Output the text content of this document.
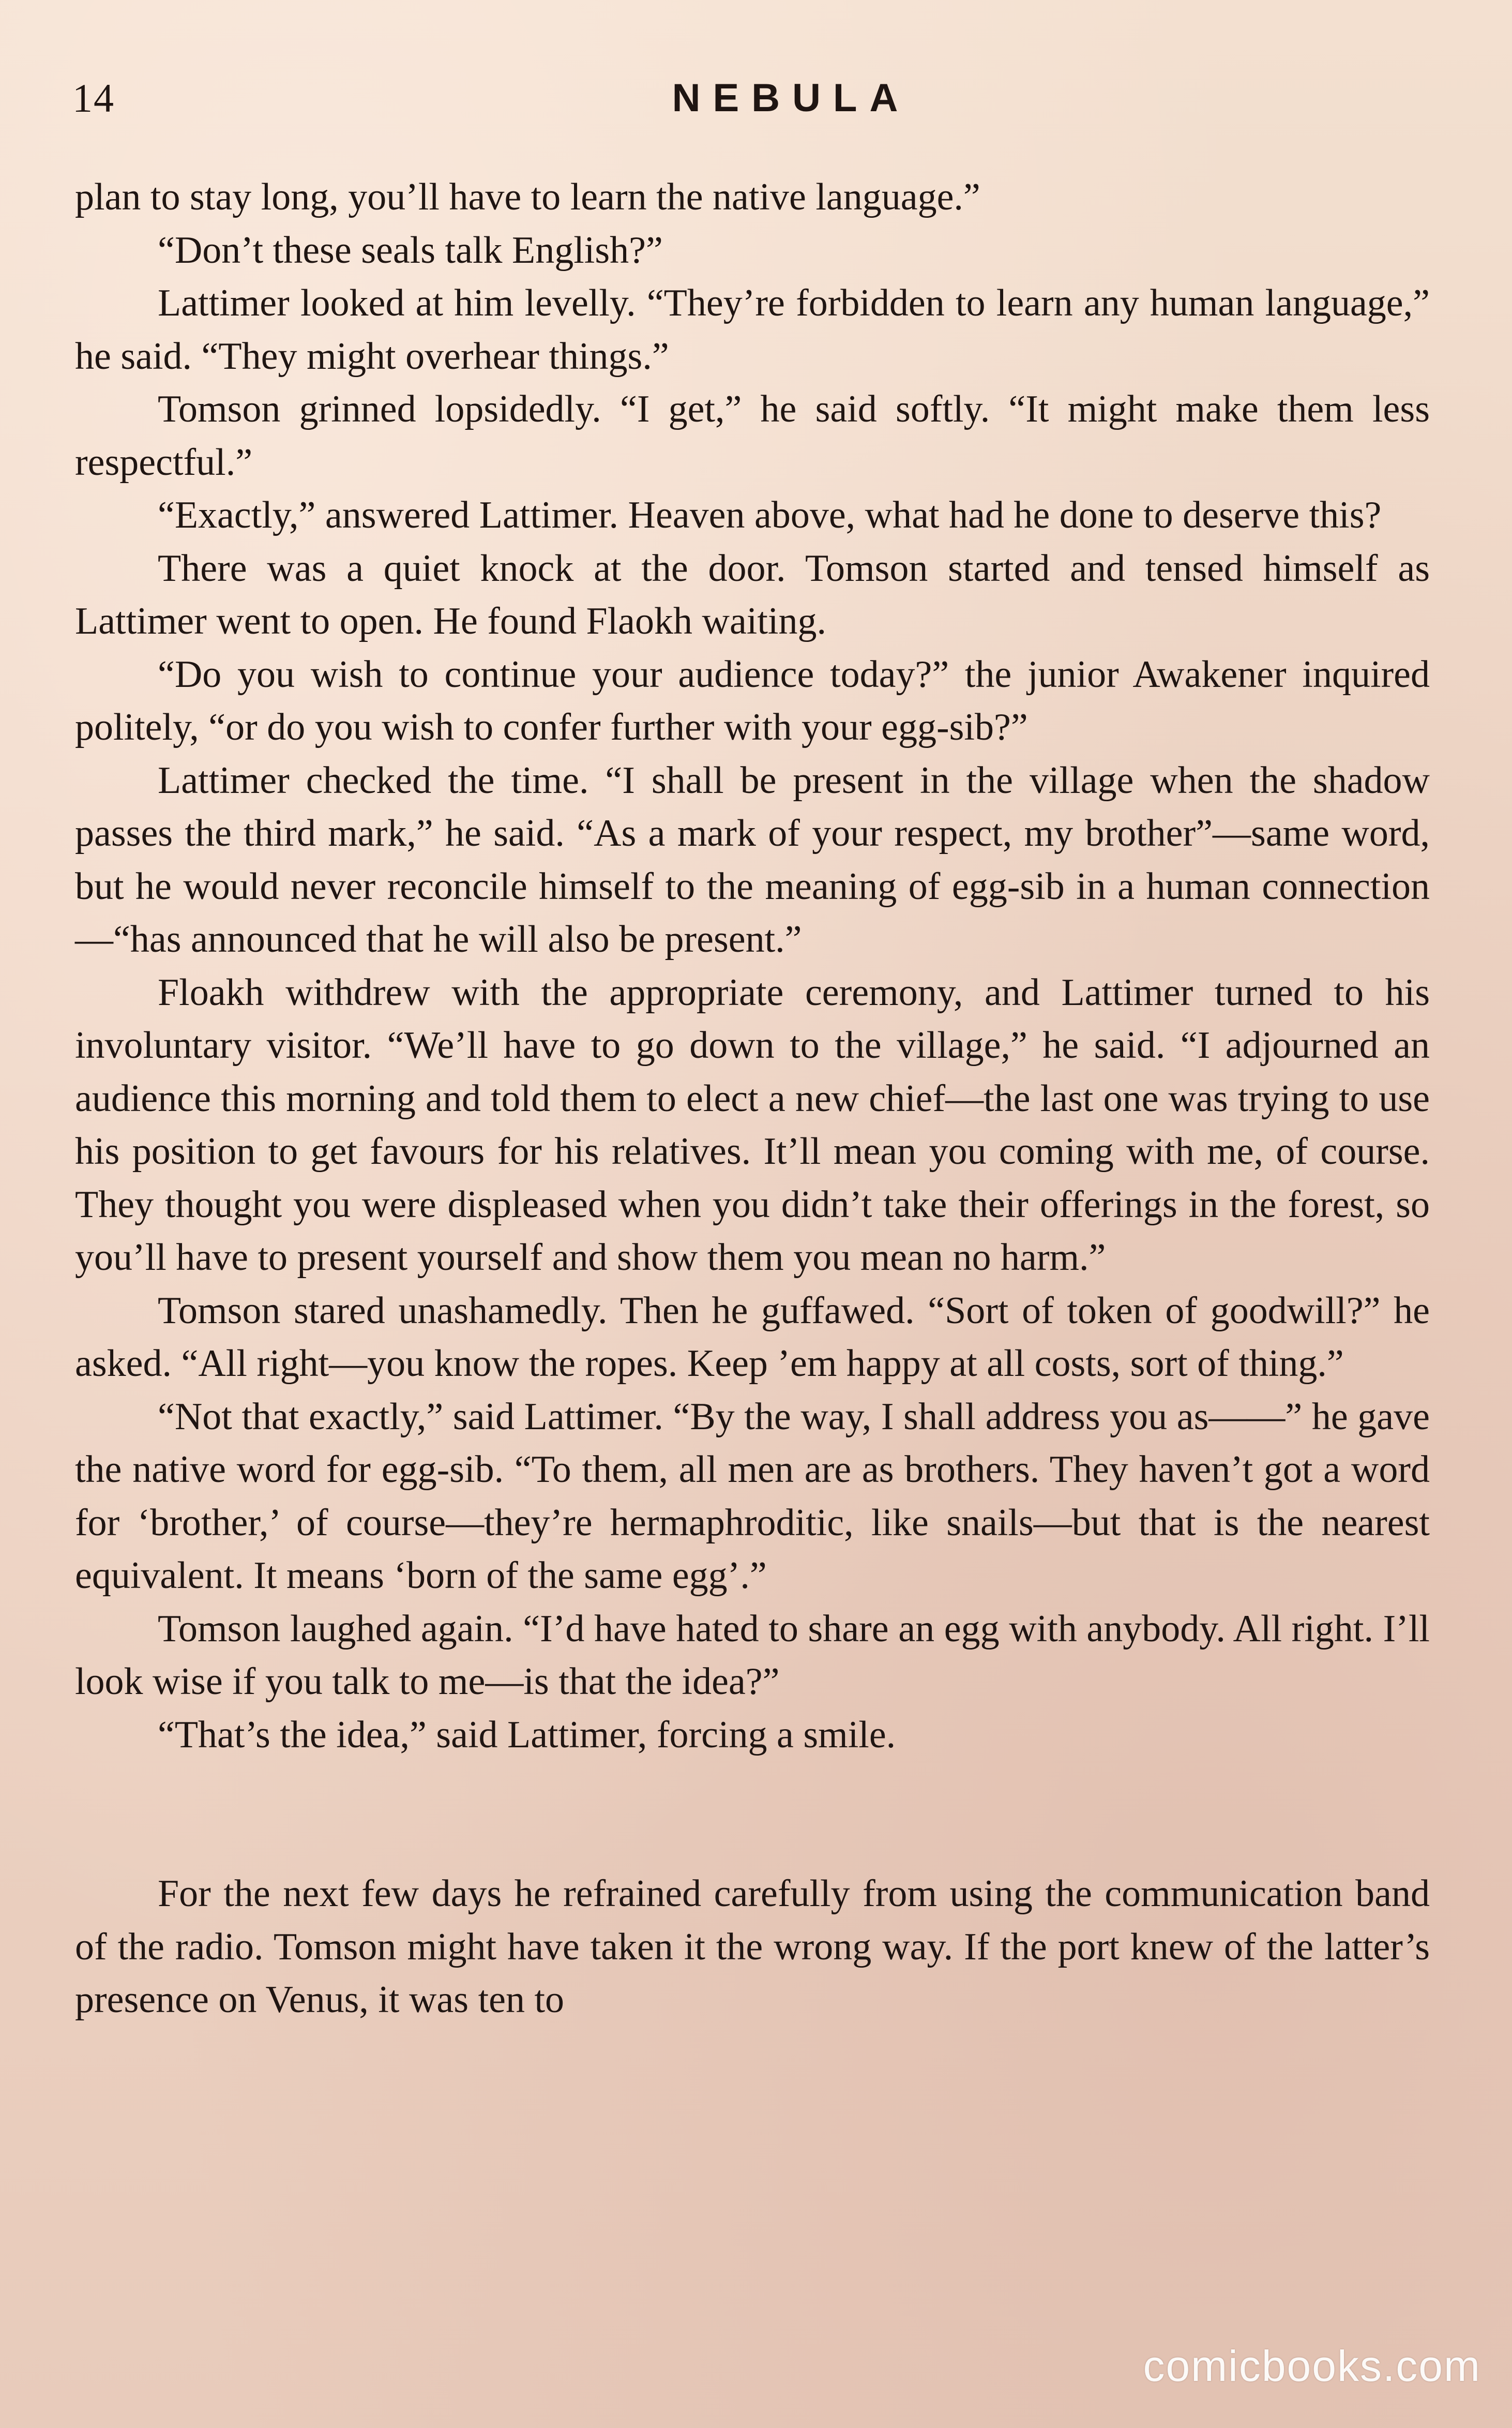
14	NEBULA

plan to stay long, you’ll have to learn the native language.”

“Don’t these seals talk English?”

Lattimer looked at him levelly. “They’re forbidden to learn any human language,” he said. “They might overhear things.”

Tomson grinned lopsidedly. “I get,” he said softly. “It might make them less respectful.”

“Exactly,” answered Lattimer. Heaven above, what had he done to deserve this?

There was a quiet knock at the door. Tomson started and tensed himself as Lattimer went to open. He found Flaokh waiting.

“Do you wish to continue your audience today?” the junior Awakener inquired politely, “or do you wish to confer further with your egg-sib?”

Lattimer checked the time. “I shall be present in the village when the shadow passes the third mark,” he said. “As a mark of your respect, my brother”—same word, but he would never reconcile himself to the meaning of egg-sib in a human connection—“has announced that he will also be present.”

Floakh withdrew with the appropriate ceremony, and Lattimer turned to his involuntary visitor. “We’ll have to go down to the village,” he said. “I adjourned an audience this morning and told them to elect a new chief—the last one was trying to use his position to get favours for his relatives. It’ll mean you coming with me, of course. They thought you were displeased when you didn’t take their offerings in the forest, so you’ll have to present yourself and show them you mean no harm.”

Tomson stared unashamedly. Then he guffawed. “Sort of token of goodwill?” he asked. “All right—you know the ropes. Keep ’em happy at all costs, sort of thing.”

“Not that exactly,” said Lattimer. “By the way, I shall address you as——” he gave the native word for egg-sib. “To them, all men are as brothers. They haven’t got a word for ‘brother,’ of course—they’re hermaphroditic, like snails—but that is the nearest equivalent. It means ‘born of the same egg’.”

Tomson laughed again. “I’d have hated to share an egg with anybody. All right. I’ll look wise if you talk to me—is that the idea?”

“That’s the idea,” said Lattimer, forcing a smile.

For the next few days he refrained carefully from using the communication band of the radio. Tomson might have taken it the wrong way. If the port knew of the latter’s presence on Venus, it was ten to

comicbooks.com
